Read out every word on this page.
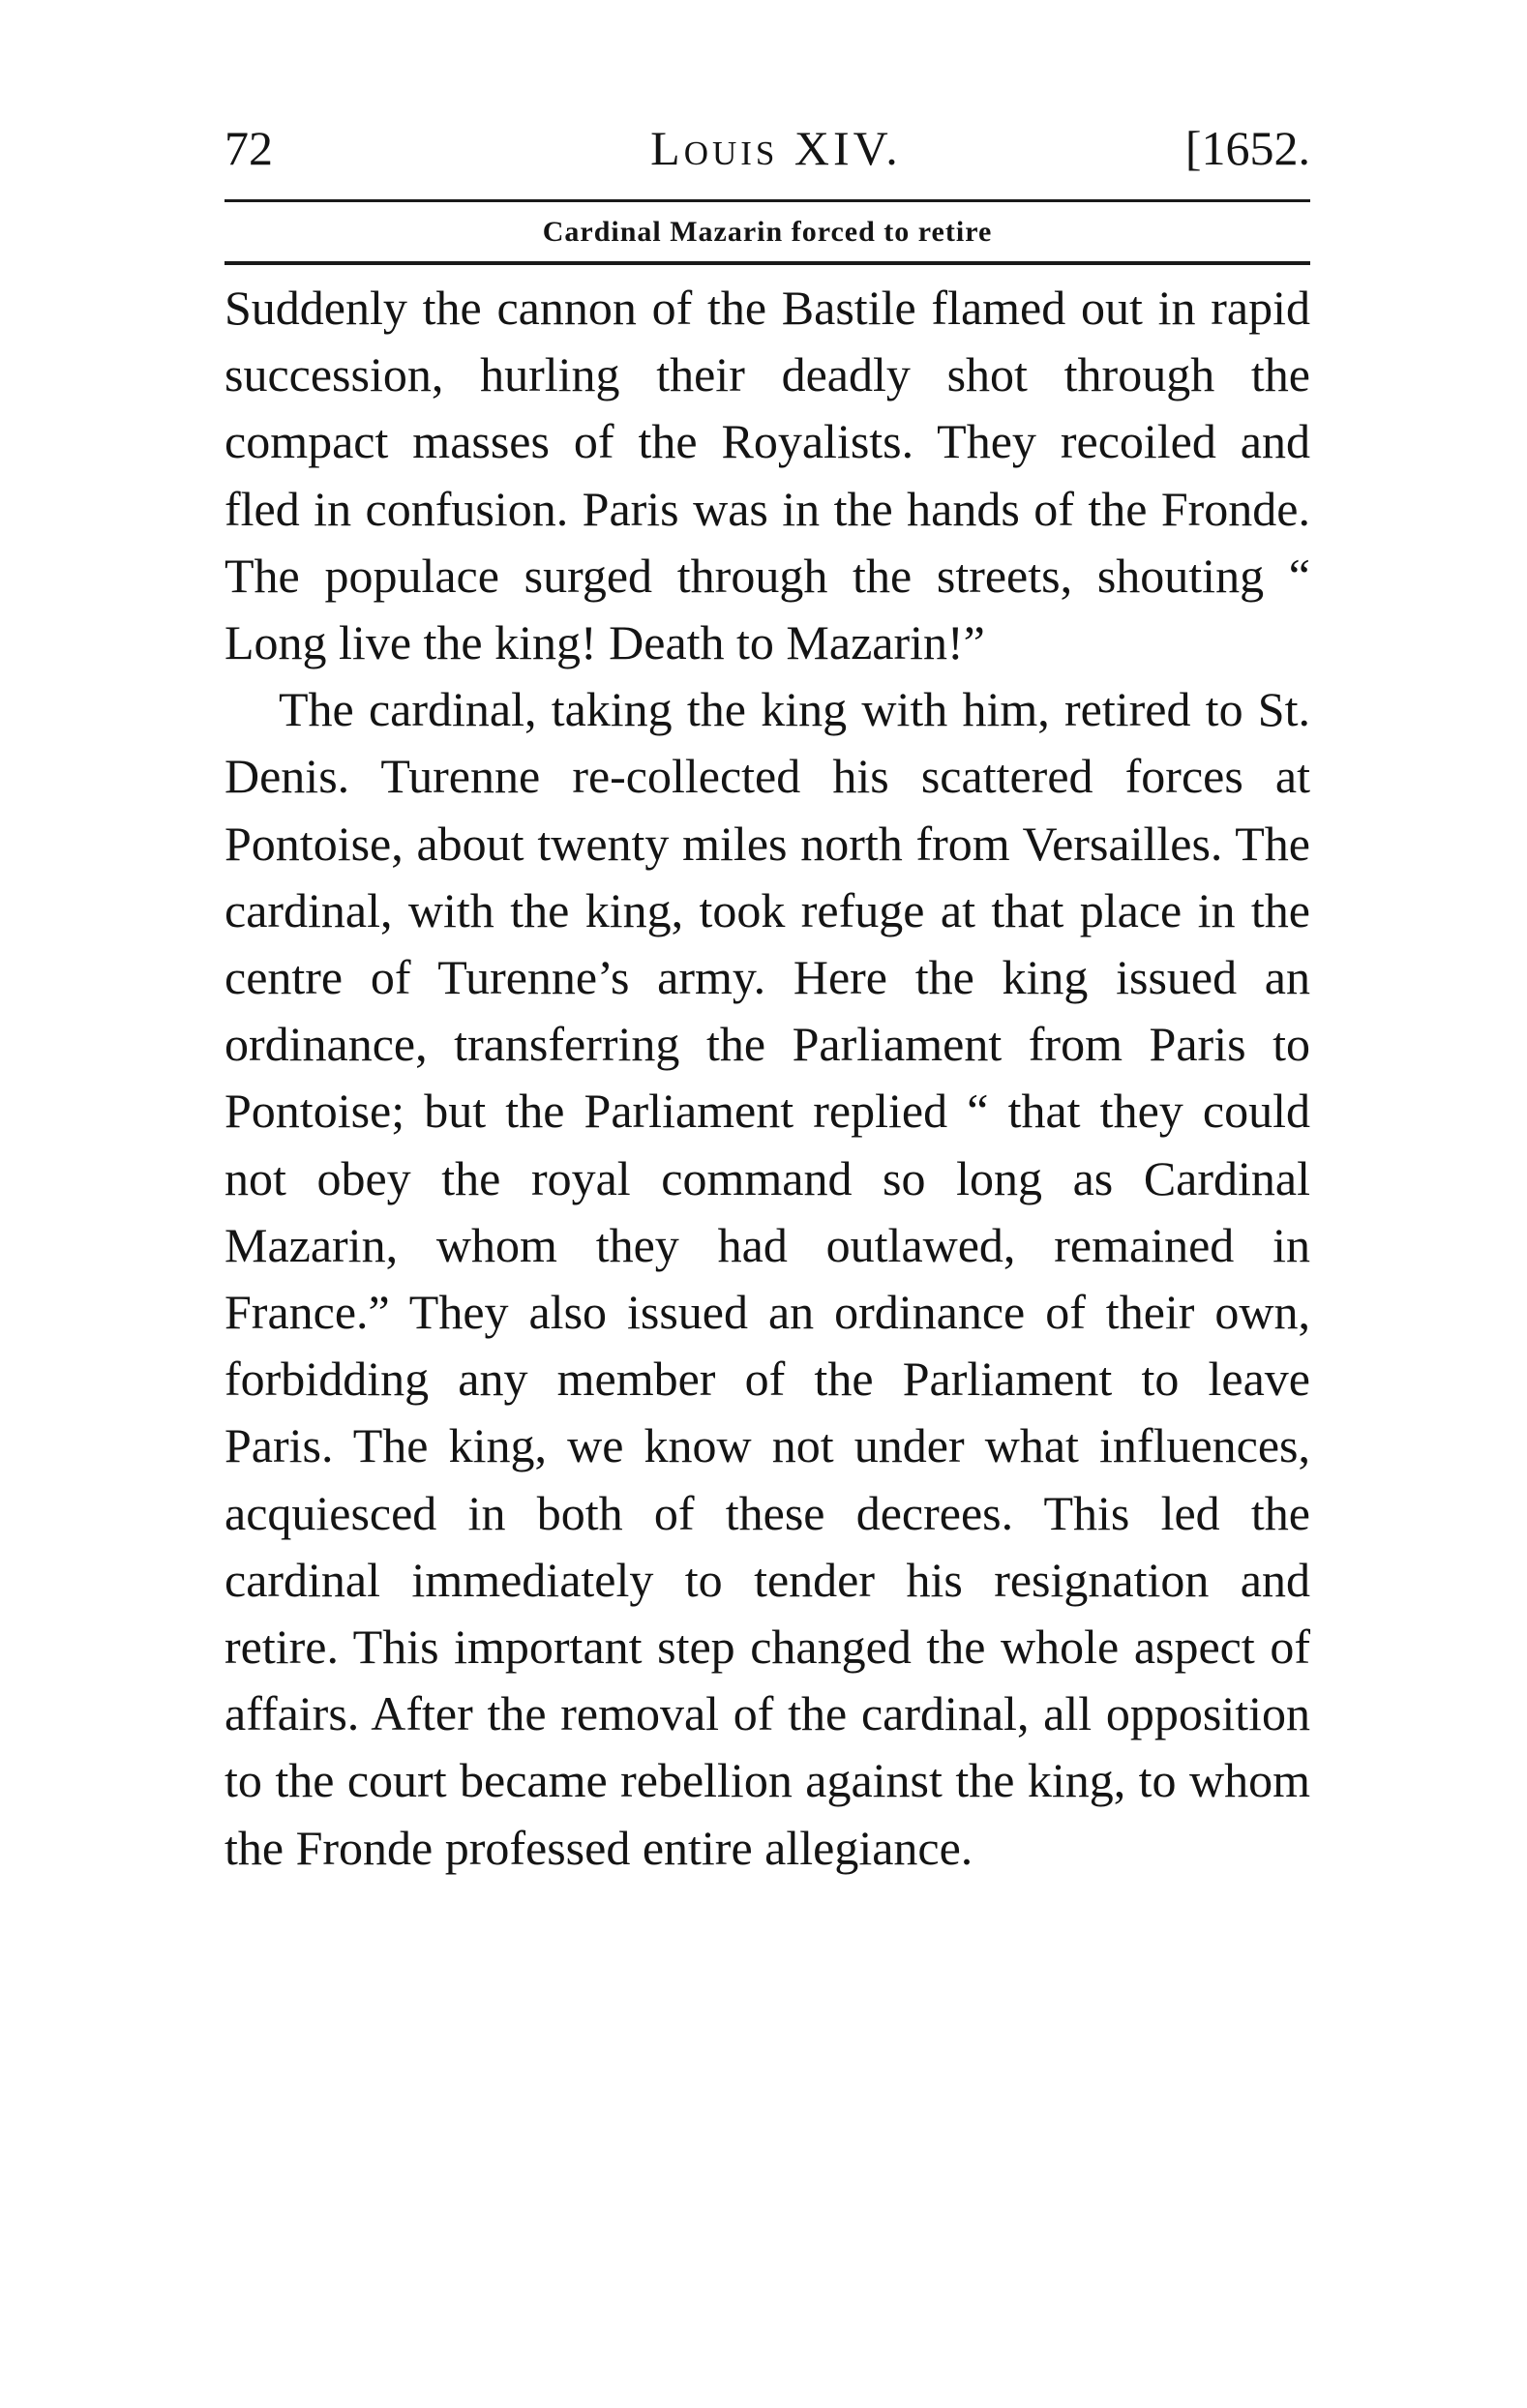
72	Louis XIV.	[1652.
Cardinal Mazarin forced to retire

Suddenly the cannon of the Bastile flamed out in rapid succession, hurling their deadly shot through the compact masses of the Royalists. They recoiled and fled in confusion. Paris was in the hands of the Fronde. The populace surged through the streets, shouting “ Long live the king! Death to Mazarin!”

The cardinal, taking the king with him, retired to St. Denis. Turenne re-collected his scattered forces at Pontoise, about twenty miles north from Versailles. The cardinal, with the king, took refuge at that place in the centre of Turenne’s army. Here the king issued an ordinance, transferring the Parliament from Paris to Pontoise; but the Parliament replied “ that they could not obey the royal command so long as Cardinal Mazarin, whom they had outlawed, remained in France.” They also issued an ordinance of their own, forbidding any member of the Parliament to leave Paris. The king, we know not under what influences, acquiesced in both of these decrees. This led the cardinal immediately to tender his resignation and retire. This important step changed the whole aspect of affairs. After the removal of the cardinal, all opposition to the court became rebellion against the king, to whom the Fronde professed entire allegiance.
